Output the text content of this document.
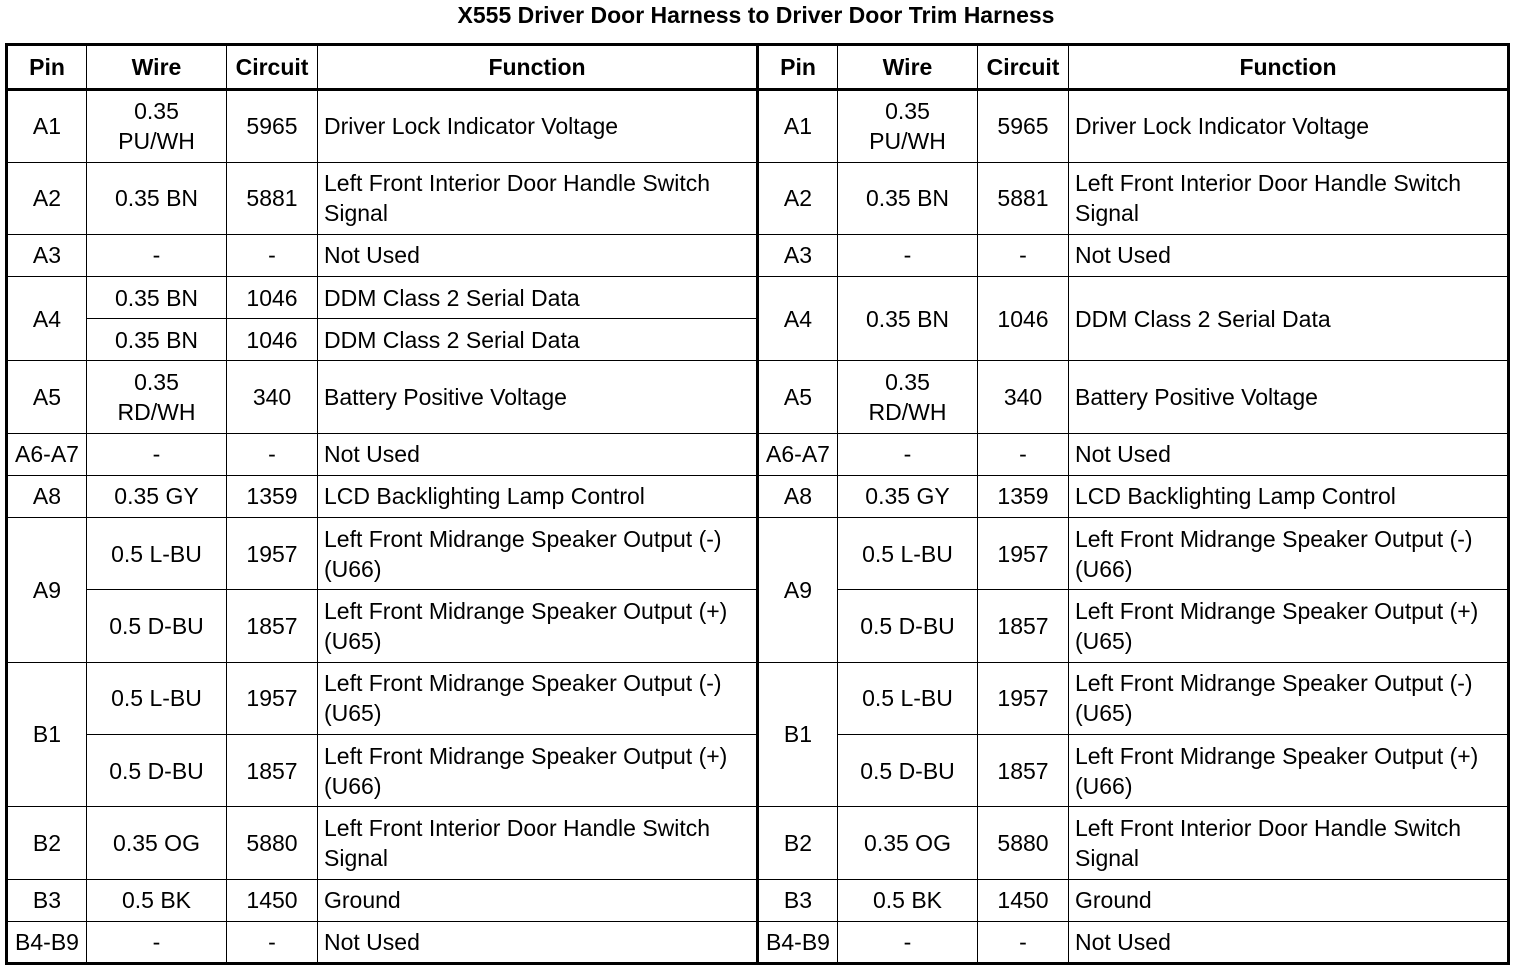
X555 Driver Door Harness to Driver Door Trim Harness
Pin	Wire	Circuit	Function	Pin	Wire	Circuit	Function
A1	0.35 PU/WH	5965	Driver Lock Indicator Voltage	A1	0.35 PU/WH	5965	Driver Lock Indicator Voltage
A2	0.35 BN	5881	Left Front Interior Door Handle Switch Signal	A2	0.35 BN	5881	Left Front Interior Door Handle Switch Signal
A3	-	-	Not Used	A3	-	-	Not Used
A4	0.35 BN	1046	DDM Class 2 Serial Data	A4	0.35 BN	1046	DDM Class 2 Serial Data
	0.35 BN	1046	DDM Class 2 Serial Data				
A5	0.35 RD/WH	340	Battery Positive Voltage	A5	0.35 RD/WH	340	Battery Positive Voltage
A6-A7	-	-	Not Used	A6-A7	-	-	Not Used
A8	0.35 GY	1359	LCD Backlighting Lamp Control	A8	0.35 GY	1359	LCD Backlighting Lamp Control
A9	0.5 L-BU	1957	Left Front Midrange Speaker Output (-) (U66)	A9	0.5 L-BU	1957	Left Front Midrange Speaker Output (-) (U66)
	0.5 D-BU	1857	Left Front Midrange Speaker Output (+) (U65)		0.5 D-BU	1857	Left Front Midrange Speaker Output (+) (U65)
B1	0.5 L-BU	1957	Left Front Midrange Speaker Output (-) (U65)	B1	0.5 L-BU	1957	Left Front Midrange Speaker Output (-) (U65)
	0.5 D-BU	1857	Left Front Midrange Speaker Output (+) (U66)		0.5 D-BU	1857	Left Front Midrange Speaker Output (+) (U66)
B2	0.35 OG	5880	Left Front Interior Door Handle Switch Signal	B2	0.35 OG	5880	Left Front Interior Door Handle Switch Signal
B3	0.5 BK	1450	Ground	B3	0.5 BK	1450	Ground
B4-B9	-	-	Not Used	B4-B9	-	-	Not Used
